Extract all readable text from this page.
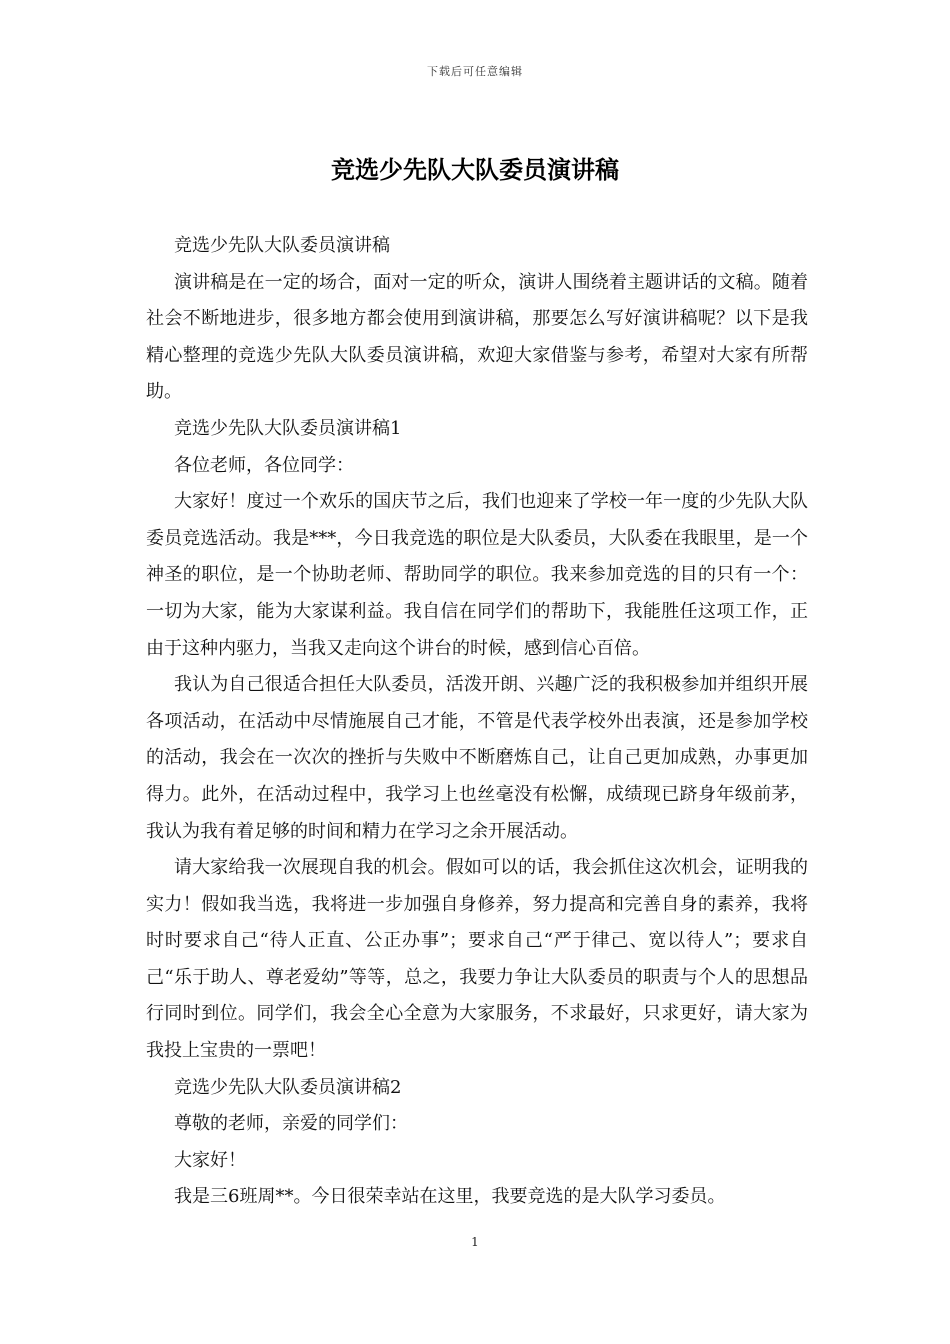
下载后可任意编辑
竞选少先队大队委员演讲稿

竞选少先队大队委员演讲稿

演讲稿是在一定的场合，面对一定的听众，演讲人围绕着主题讲话的文稿。随着社会不断地进步，很多地方都会使用到演讲稿，那要怎么写好演讲稿呢？以下是我精心整理的竞选少先队大队委员演讲稿，欢迎大家借鉴与参考，希望对大家有所帮助。

竞选少先队大队委员演讲稿1

各位老师，各位同学：

大家好！度过一个欢乐的国庆节之后，我们也迎来了学校一年一度的少先队大队委员竞选活动。我是***，今日我竞选的职位是大队委员，大队委在我眼里，是一个神圣的职位，是一个协助老师、帮助同学的职位。我来参加竞选的目的只有一个：一切为大家，能为大家谋利益。我自信在同学们的帮助下，我能胜任这项工作，正由于这种内驱力，当我又走向这个讲台的时候，感到信心百倍。

我认为自己很适合担任大队委员，活泼开朗、兴趣广泛的我积极参加并组织开展各项活动，在活动中尽情施展自己才能，不管是代表学校外出表演，还是参加学校的活动，我会在一次次的挫折与失败中不断磨炼自己，让自己更加成熟，办事更加得力。此外，在活动过程中，我学习上也丝毫没有松懈，成绩现已跻身年级前茅，我认为我有着足够的时间和精力在学习之余开展活动。

请大家给我一次展现自我的机会。假如可以的话，我会抓住这次机会，证明我的实力！假如我当选，我将进一步加强自身修养，努力提高和完善自身的素养，我将时时要求自己“待人正直、公正办事”；要求自己“严于律己、宽以待人”；要求自己“乐于助人、尊老爱幼”等等，总之，我要力争让大队委员的职责与个人的思想品行同时到位。同学们，我会全心全意为大家服务，不求最好，只求更好，请大家为我投上宝贵的一票吧！

竞选少先队大队委员演讲稿2

尊敬的老师，亲爱的同学们：

大家好！

我是三6班周**。今日很荣幸站在这里，我要竞选的是大队学习委员。

1
